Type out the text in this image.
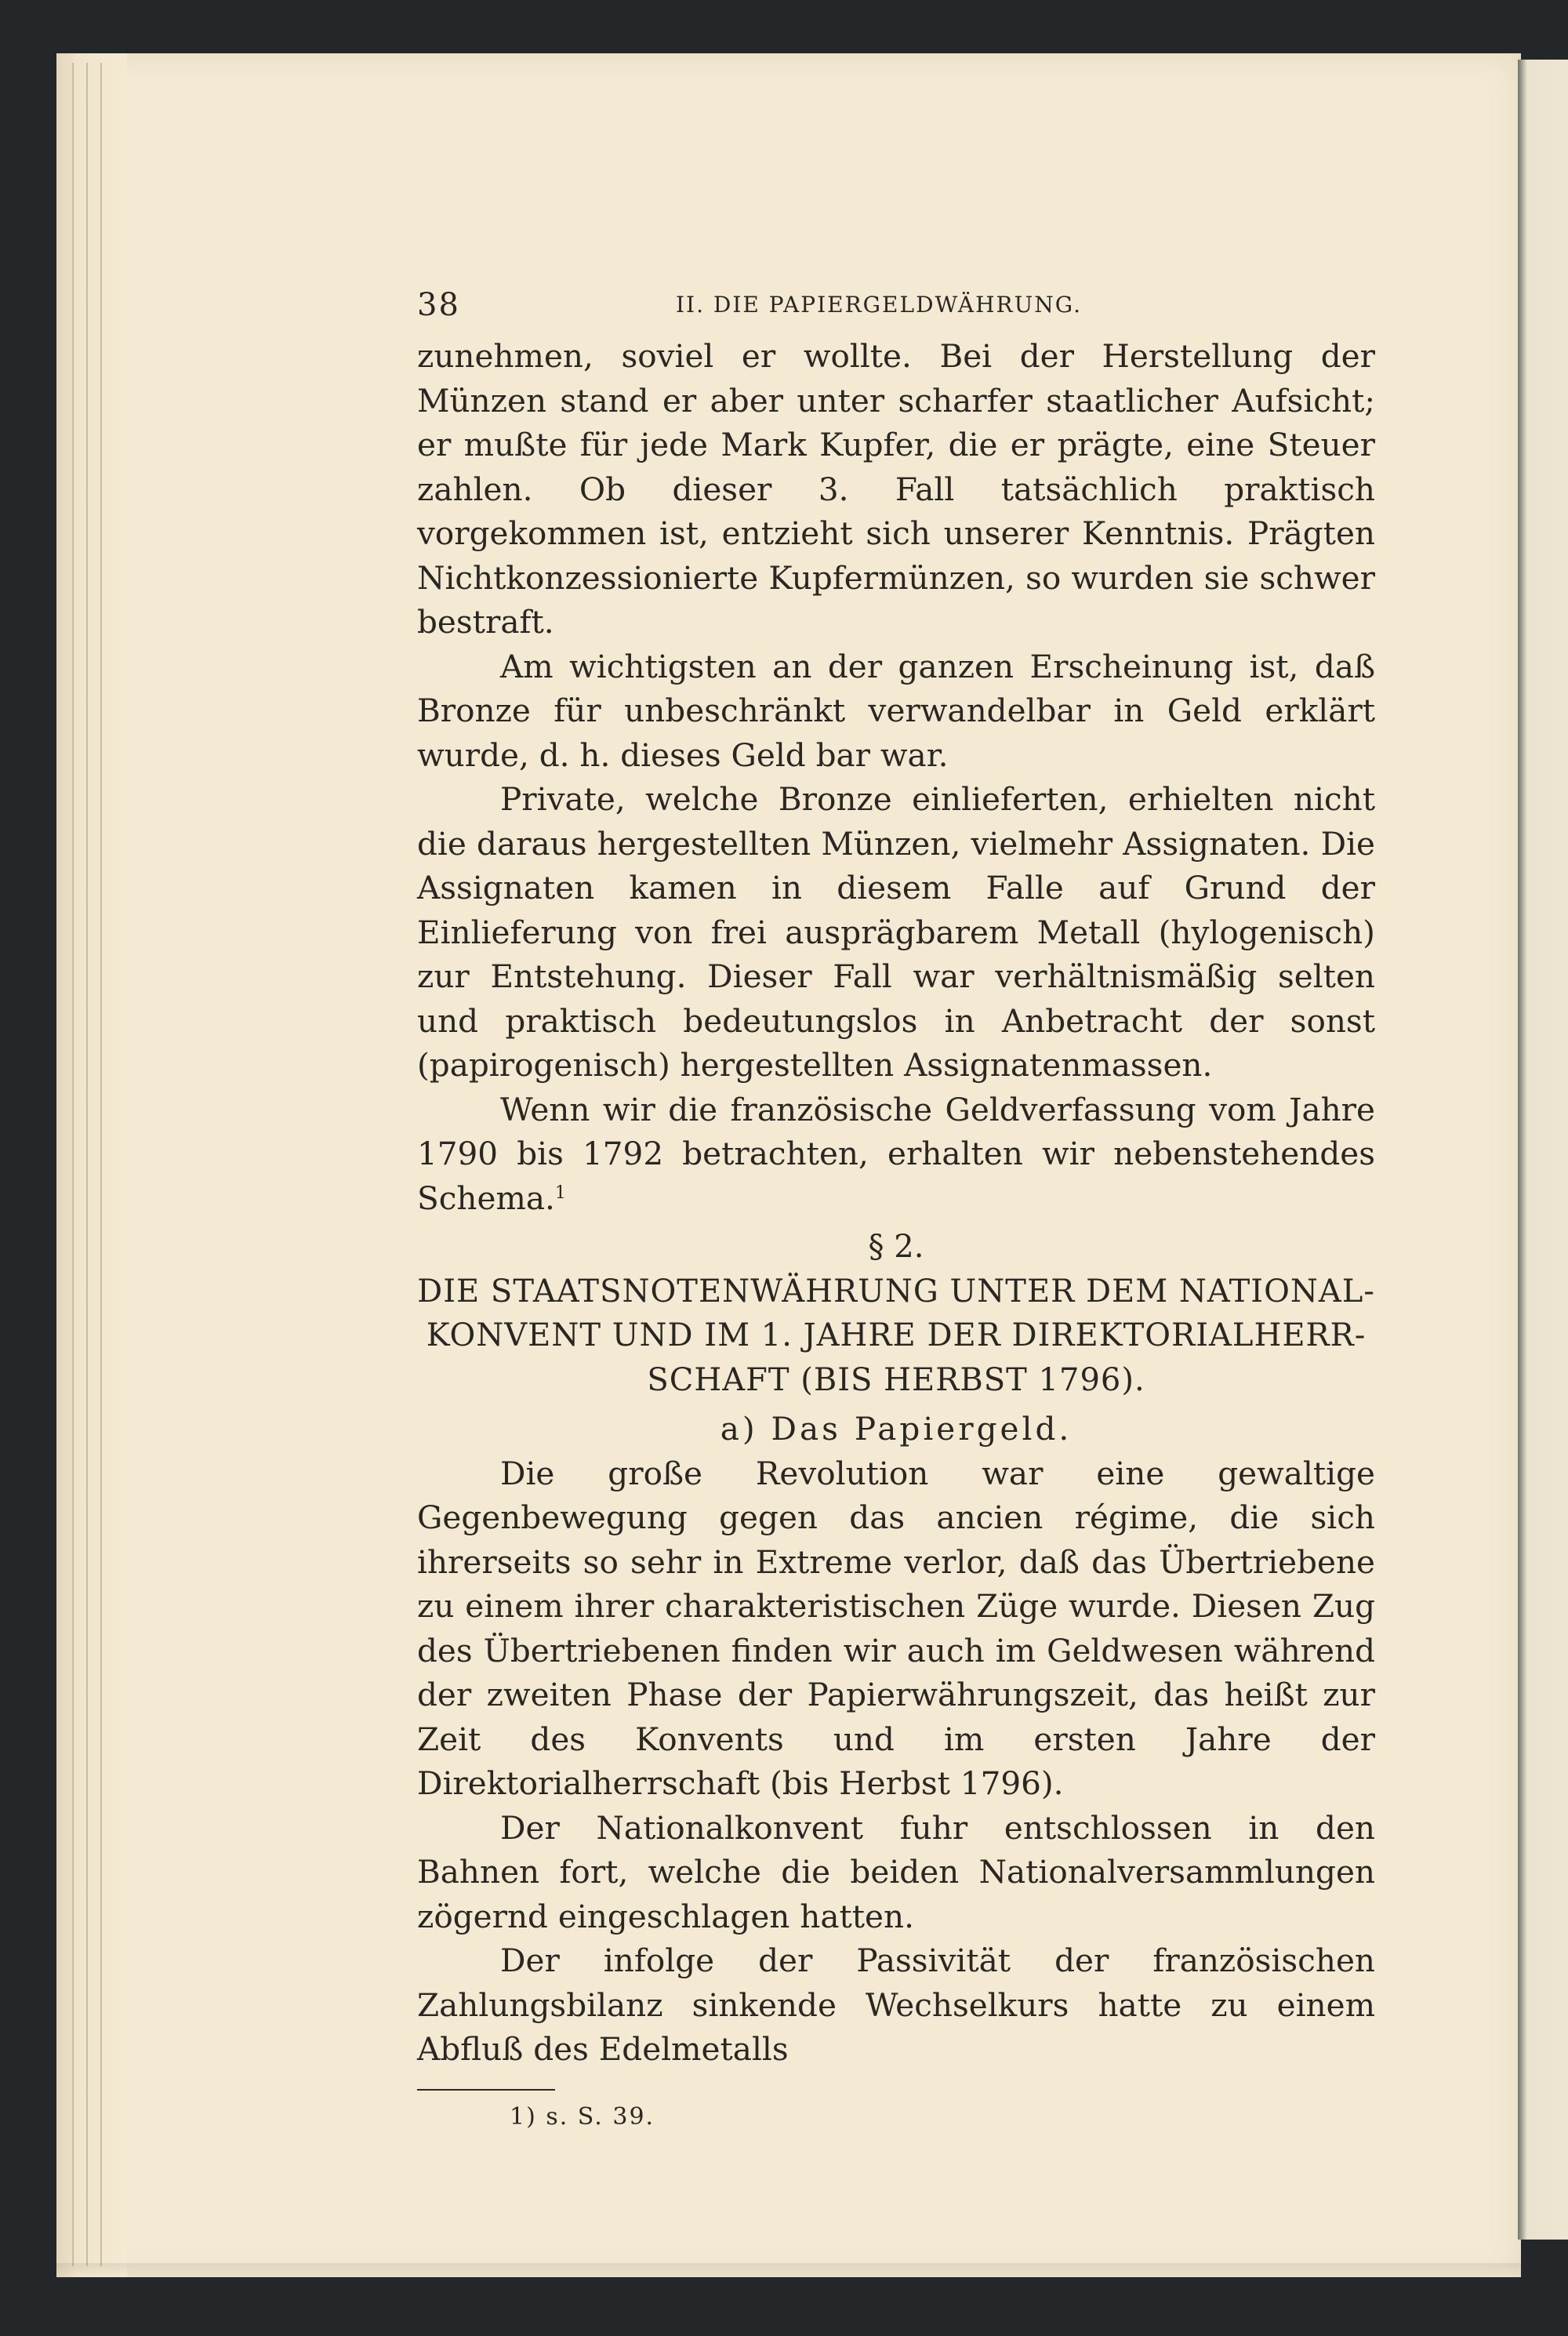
38	II. DIE PAPIERGELDWÄHRUNG.

zunehmen, soviel er wollte. Bei der Herstellung der Münzen stand er aber unter scharfer staatlicher Aufsicht; er mußte für jede Mark Kupfer, die er prägte, eine Steuer zahlen. Ob dieser 3. Fall tatsächlich praktisch vorgekommen ist, entzieht sich unserer Kenntnis. Prägten Nichtkonzessionierte Kupfermünzen, so wurden sie schwer bestraft.

Am wichtigsten an der ganzen Erscheinung ist, daß Bronze für unbeschränkt verwandelbar in Geld erklärt wurde, d. h. dieses Geld bar war.

Private, welche Bronze einlieferten, erhielten nicht die daraus hergestellten Münzen, vielmehr Assignaten. Die Assignaten kamen in diesem Falle auf Grund der Einlieferung von frei ausprägbarem Metall (hylogenisch) zur Entstehung. Dieser Fall war verhältnismäßig selten und praktisch bedeutungslos in Anbetracht der sonst (papirogenisch) hergestellten Assignatenmassen.

Wenn wir die französische Geldverfassung vom Jahre 1790 bis 1792 betrachten, erhalten wir nebenstehendes Schema.$^1$

§ 2.
DIE STAATSNOTENWÄHRUNG UNTER DEM NATIONAL-
KONVENT UND IM 1. JAHRE DER DIREKTORIALHERR-
SCHAFT (BIS HERBST 1796).
a) Das Papiergeld.

Die große Revolution war eine gewaltige Gegenbewegung gegen das ancien régime, die sich ihrerseits so sehr in Extreme verlor, daß das Übertriebene zu einem ihrer charakteristischen Züge wurde. Diesen Zug des Übertriebenen finden wir auch im Geldwesen während der zweiten Phase der Papierwährungszeit, das heißt zur Zeit des Konvents und im ersten Jahre der Direktorialherrschaft (bis Herbst 1796).

Der Nationalkonvent fuhr entschlossen in den Bahnen fort, welche die beiden Nationalversammlungen zögernd eingeschlagen hatten.

Der infolge der Passivität der französischen Zahlungsbilanz sinkende Wechselkurs hatte zu einem Abfluß des Edelmetalls

1) s. S. 39.
